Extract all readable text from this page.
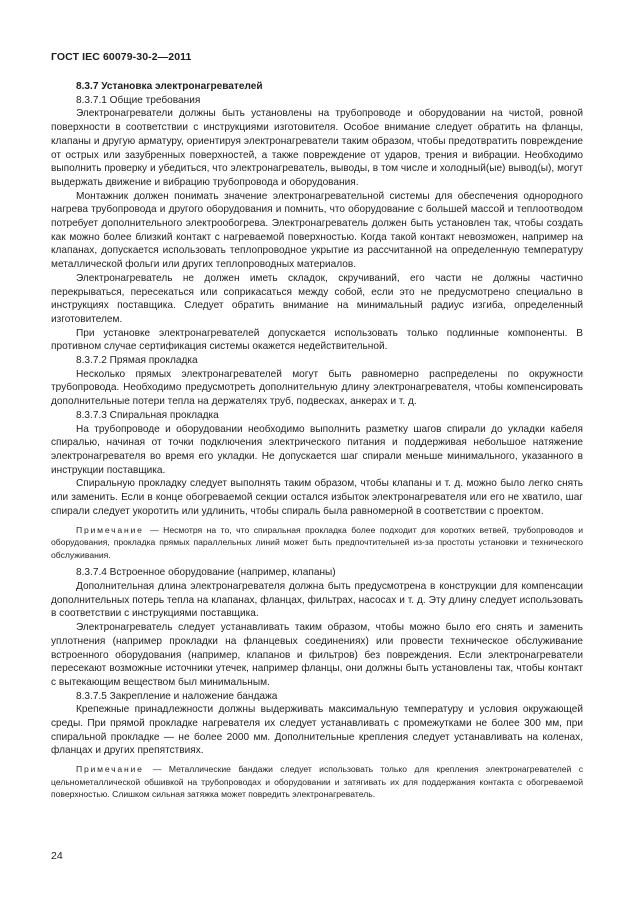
ГОСТ IEC 60079-30-2—2011

8.3.7 Установка электронагревателей

8.3.7.1 Общие требования

Электронагреватели должны быть установлены на трубопроводе и оборудовании на чистой, ровной поверхности в соответствии с инструкциями изготовителя. Особое внимание следует обратить на фланцы, клапаны и другую арматуру, ориентируя электронагреватели таким образом, чтобы предотвратить повреждение от острых или зазубренных поверхностей, а также повреждение от ударов, трения и вибрации. Необходимо выполнить проверку и убедиться, что электронагреватель, выводы, в том числе и холодный(ые) вывод(ы), могут выдержать движение и вибрацию трубопровода и оборудования.

Монтажник должен понимать значение электронагревательной системы для обеспечения однородного нагрева трубопровода и другого оборудования и помнить, что оборудование с большей массой и теплоотводом потребует дополнительного электрообогрева. Электронагреватель должен быть установлен так, чтобы создать как можно более близкий контакт с нагреваемой поверхностью. Когда такой контакт невозможен, например на клапанах, допускается использовать теплопроводное укрытие из рассчитанной на определенную температуру металлической фольги или других теплопроводных материалов.

Электронагреватель не должен иметь складок, скручиваний, его части не должны частично перекрываться, пересекаться или соприкасаться между собой, если это не предусмотрено специально в инструкциях поставщика. Следует обратить внимание на минимальный радиус изгиба, определенный изготовителем.

При установке электронагревателей допускается использовать только подлинные компоненты. В противном случае сертификация системы окажется недействительной.

8.3.7.2 Прямая прокладка

Несколько прямых электронагревателей могут быть равномерно распределены по окружности трубопровода. Необходимо предусмотреть дополнительную длину электронагревателя, чтобы компенсировать дополнительные потери тепла на держателях труб, подвесках, анкерах и т. д.

8.3.7.3 Спиральная прокладка

На трубопроводе и оборудовании необходимо выполнить разметку шагов спирали до укладки кабеля спиралью, начиная от точки подключения электрического питания и поддерживая небольшое натяжение электронагревателя во время его укладки. Не допускается шаг спирали меньше минимального, указанного в инструкции поставщика.

Спиральную прокладку следует выполнять таким образом, чтобы клапаны и т. д. можно было легко снять или заменить. Если в конце обогреваемой секции остался избыток электронагревателя или его не хватило, шаг спирали следует укоротить или удлинить, чтобы спираль была равномерной в соответствии с проектом.

Примечание — Несмотря на то, что спиральная прокладка более подходит для коротких ветвей, трубопроводов и оборудования, прокладка прямых параллельных линий может быть предпочтительней из-за простоты установки и технического обслуживания.

8.3.7.4 Встроенное оборудование (например, клапаны)

Дополнительная длина электронагревателя должна быть предусмотрена в конструкции для компенсации дополнительных потерь тепла на клапанах, фланцах, фильтрах, насосах и т. д. Эту длину следует использовать в соответствии с инструкциями поставщика.

Электронагреватель следует устанавливать таким образом, чтобы можно было его снять и заменить уплотнения (например прокладки на фланцевых соединениях) или провести техническое обслуживание встроенного оборудования (например, клапанов и фильтров) без повреждения. Если электронагреватели пересекают возможные источники утечек, например фланцы, они должны быть установлены так, чтобы контакт с вытекающим веществом был минимальным.

8.3.7.5 Закрепление и наложение бандажа

Крепежные принадлежности должны выдерживать максимальную температуру и условия окружающей среды. При прямой прокладке нагревателя их следует устанавливать с промежутками не более 300 мм, при спиральной прокладке — не более 2000 мм. Дополнительные крепления следует устанавливать на коленах, фланцах и других препятствиях.

Примечание — Металлические бандажи следует использовать только для крепления электронагревателей с цельнометаллической обшивкой на трубопроводах и оборудовании и затягивать их для поддержания контакта с обогреваемой поверхностью. Слишком сильная затяжка может повредить электронагреватель.

24
